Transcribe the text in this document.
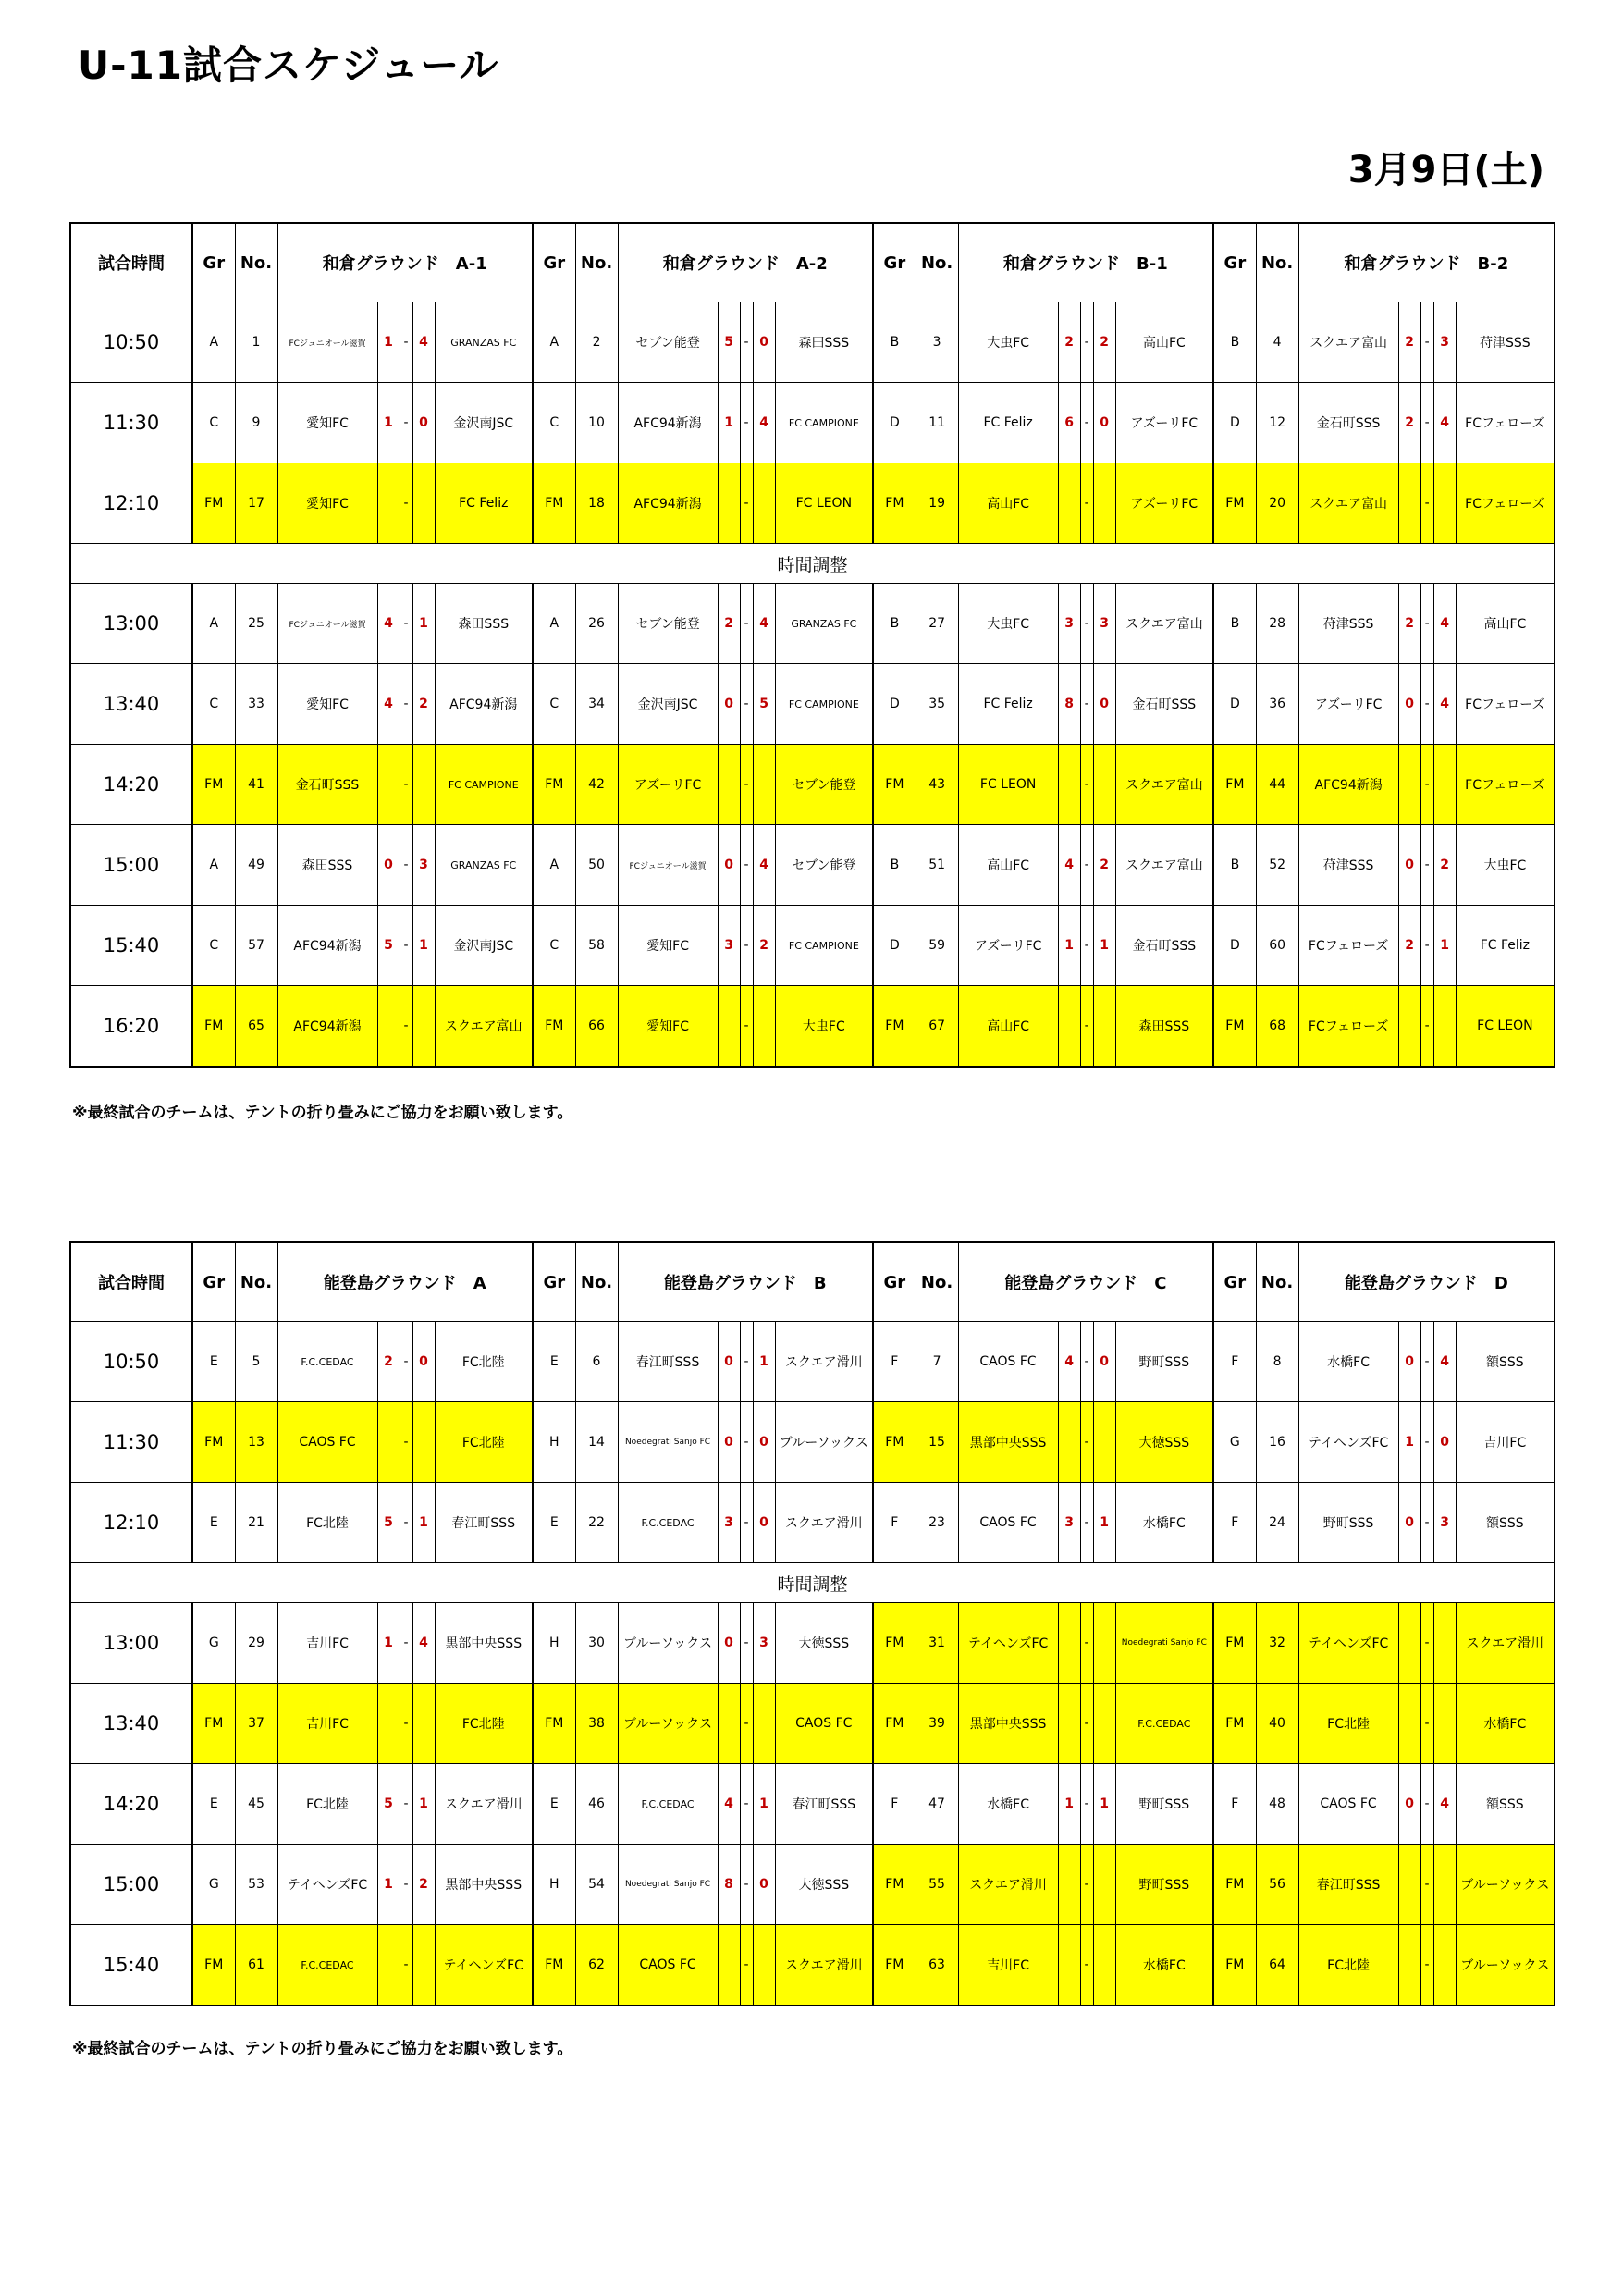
U-11試合スケジュール
3月9日(土)
試合時間	Gr	No.	和倉グラウンド　A-1					Gr	No.	和倉グラウンド　A-2					Gr	No.	和倉グラウンド　B-1					Gr	No.	和倉グラウンド　B-2				
10:50	A	1	FCジュニオール滋賀	1	-	4	GRANZAS FC	A	2	セブン能登	5	-	0	森田SSS	B	3	大虫FC	2	-	2	高山FC	B	4	スクエア富山	2	-	3	苻津SSS
11:30	C	9	愛知FC	1	-	0	金沢南JSC	C	10	AFC94新潟	1	-	4	FC CAMPIONE	D	11	FC Feliz	6	-	0	アズーリFC	D	12	金石町SSS	2	-	4	FCフェローズ
12:10	FM	17	愛知FC		-		FC Feliz	FM	18	AFC94新潟		-		FC LEON	FM	19	高山FC		-		アズーリFC	FM	20	スクエア富山		-		FCフェローズ
時間調整																												
13:00	A	25	FCジュニオール滋賀	4	-	1	森田SSS	A	26	セブン能登	2	-	4	GRANZAS FC	B	27	大虫FC	3	-	3	スクエア富山	B	28	苻津SSS	2	-	4	高山FC
13:40	C	33	愛知FC	4	-	2	AFC94新潟	C	34	金沢南JSC	0	-	5	FC CAMPIONE	D	35	FC Feliz	8	-	0	金石町SSS	D	36	アズーリFC	0	-	4	FCフェローズ
14:20	FM	41	金石町SSS		-		FC CAMPIONE	FM	42	アズーリFC		-		セブン能登	FM	43	FC LEON		-		スクエア富山	FM	44	AFC94新潟		-		FCフェローズ
15:00	A	49	森田SSS	0	-	3	GRANZAS FC	A	50	FCジュニオール滋賀	0	-	4	セブン能登	B	51	高山FC	4	-	2	スクエア富山	B	52	苻津SSS	0	-	2	大虫FC
15:40	C	57	AFC94新潟	5	-	1	金沢南JSC	C	58	愛知FC	3	-	2	FC CAMPIONE	D	59	アズーリFC	1	-	1	金石町SSS	D	60	FCフェローズ	2	-	1	FC Feliz
16:20	FM	65	AFC94新潟		-		スクエア富山	FM	66	愛知FC		-		大虫FC	FM	67	高山FC		-		森田SSS	FM	68	FCフェローズ		-		FC LEON
※最終試合のチームは、テントの折り畳みにご協力をお願い致します。
試合時間	Gr	No.	能登島グラウンド　A					Gr	No.	能登島グラウンド　B					Gr	No.	能登島グラウンド　C					Gr	No.	能登島グラウンド　D				
10:50	E	5	F.C.CEDAC	2	-	0	FC北陸	E	6	春江町SSS	0	-	1	スクエア滑川	F	7	CAOS FC	4	-	0	野町SSS	F	8	水橋FC	0	-	4	額SSS
11:30	FM	13	CAOS FC		-		FC北陸	H	14	Noedegrati Sanjo FC	0	-	0	ブルーソックス	FM	15	黒部中央SSS		-		大徳SSS	G	16	テイヘンズFC	1	-	0	吉川FC
12:10	E	21	FC北陸	5	-	1	春江町SSS	E	22	F.C.CEDAC	3	-	0	スクエア滑川	F	23	CAOS FC	3	-	1	水橋FC	F	24	野町SSS	0	-	3	額SSS
時間調整																												
13:00	G	29	吉川FC	1	-	4	黒部中央SSS	H	30	ブルーソックス	0	-	3	大徳SSS	FM	31	テイヘンズFC		-		Noedegrati Sanjo FC	FM	32	テイヘンズFC		-		スクエア滑川
13:40	FM	37	吉川FC		-		FC北陸	FM	38	ブルーソックス		-		CAOS FC	FM	39	黒部中央SSS		-		F.C.CEDAC	FM	40	FC北陸		-		水橋FC
14:20	E	45	FC北陸	5	-	1	スクエア滑川	E	46	F.C.CEDAC	4	-	1	春江町SSS	F	47	水橋FC	1	-	1	野町SSS	F	48	CAOS FC	0	-	4	額SSS
15:00	G	53	テイヘンズFC	1	-	2	黒部中央SSS	H	54	Noedegrati Sanjo FC	8	-	0	大徳SSS	FM	55	スクエア滑川		-		野町SSS	FM	56	春江町SSS		-		ブルーソックス
15:40	FM	61	F.C.CEDAC		-		テイヘンズFC	FM	62	CAOS FC		-		スクエア滑川	FM	63	吉川FC		-		水橋FC	FM	64	FC北陸		-		ブルーソックス
※最終試合のチームは、テントの折り畳みにご協力をお願い致します。
